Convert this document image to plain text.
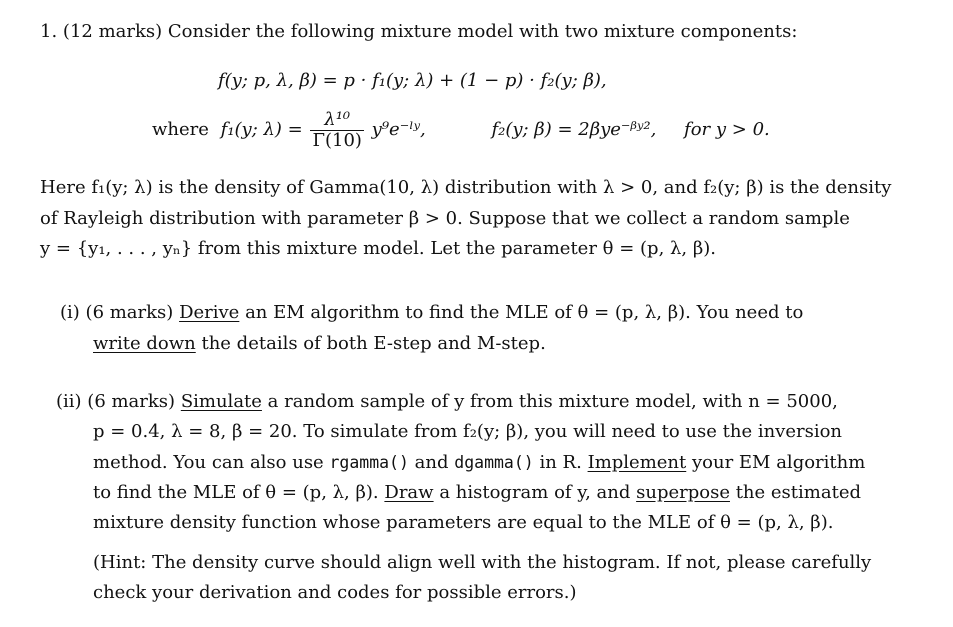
1. (12 marks) Consider the following mixture model with two mixture components:
f(y; p, λ, β) = p · f₁(y; λ) + (1 − p) · f₂(y; β),
where f₁(y; $\lambda) = \frac{\text{λ¹⁰}}{\Gamma(10)}$ y⁹e⁻ˡʸ,	f₂(y; β) = 2βye⁻ᵝʸ², for y > 0.
Here f₁(y; λ) is the density of Gamma(10, λ) distribution with λ > 0, and f₂(y; β) is the density
of Rayleigh distribution with parameter β > 0. Suppose that we collect a random sample
y = {y₁, . . . , yₙ} from this mixture model. Let the parameter θ = (p, λ, β).
(i) (6 marks) Derive an EM algorithm to find the MLE of θ = (p, λ, β). You need to
write down the details of both E-step and M-step.
(ii) (6 marks) Simulate a random sample of y from this mixture model, with n = 5000,
p = 0.4, λ = 8, β = 20. To simulate from f₂(y; β), you will need to use the inversion
method. You can also use rgamma() and dgamma() in R. Implement your EM algorithm
to find the MLE of θ = (p, λ, β). Draw a histogram of y, and superpose the estimated
mixture density function whose parameters are equal to the MLE of θ = (p, λ, β).
(Hint: The density curve should align well with the histogram. If not, please carefully
check your derivation and codes for possible errors.)
